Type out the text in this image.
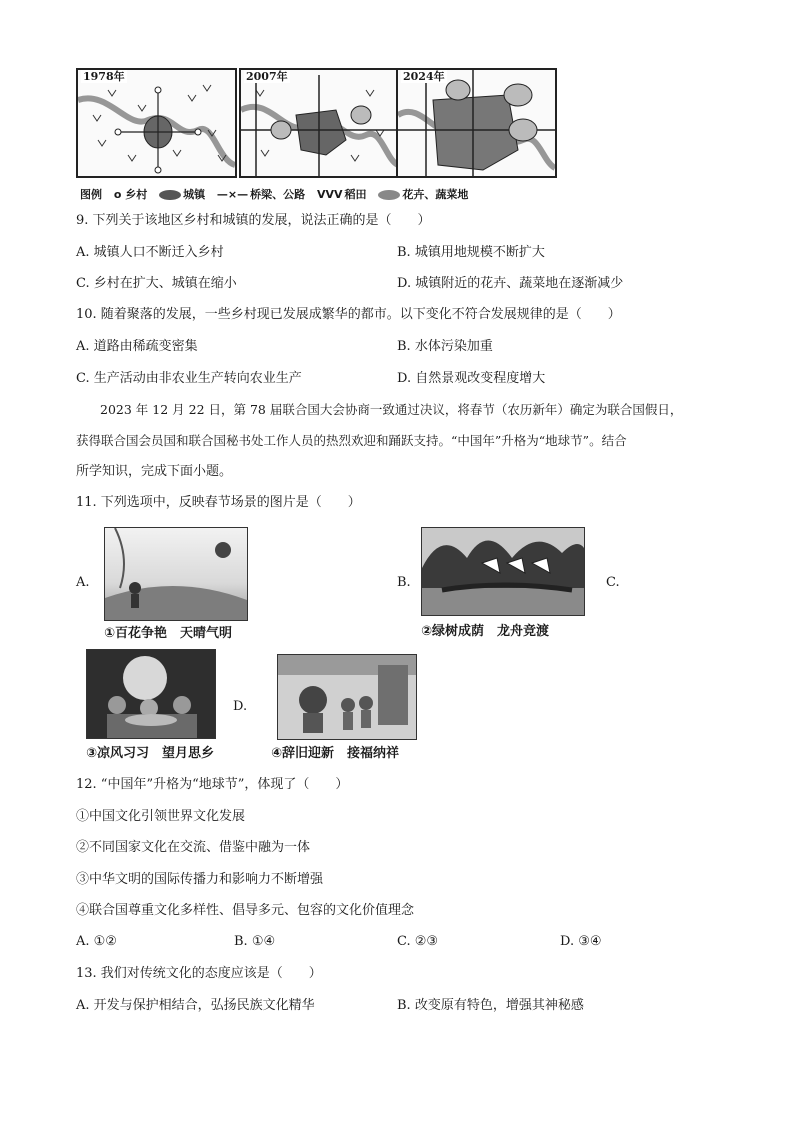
1978年	2007年	2024年
图例 o 乡村	城镇 —×— 桥梁、公路 VVV 稻田	花卉、蔬菜地
9. 下列关于该地区乡村和城镇的发展，说法正确的是（　　）
A. 城镇人口不断迁入乡村	B. 城镇用地规模不断扩大
C. 乡村在扩大、城镇在缩小	D. 城镇附近的花卉、蔬菜地在逐渐减少
10. 随着聚落的发展，一些乡村现已发展成繁华的都市。以下变化不符合发展规律的是（　　）
A. 道路由稀疏变密集	B. 水体污染加重
C. 生产活动由非农业生产转向农业生产	D. 自然景观改变程度增大
2023 年 12 月 22 日，第 78 届联合国大会协商一致通过决议，将春节（农历新年）确定为联合国假日，
获得联合国会员国和联合国秘书处工作人员的热烈欢迎和踊跃支持。“中国年”升格为“地球节”。结合
所学知识，完成下面小题。
11. 下列选项中，反映春节场景的图片是（　　）
A.
①百花争艳　天晴气明
B.
②绿树成荫　龙舟竞渡
C.
③凉风习习　望月思乡
D.
④辞旧迎新　接福纳祥
12. “中国年”升格为“地球节”，体现了（　　）
①中国文化引领世界文化发展
②不同国家文化在交流、借鉴中融为一体
③中华文明的国际传播力和影响力不断增强
④联合国尊重文化多样性、倡导多元、包容的文化价值理念
A. ①②	B. ①④	C. ②③	D. ③④
13. 我们对传统文化的态度应该是（　　）
A. 开发与保护相结合，弘扬民族文化精华	B. 改变原有特色，增强其神秘感
